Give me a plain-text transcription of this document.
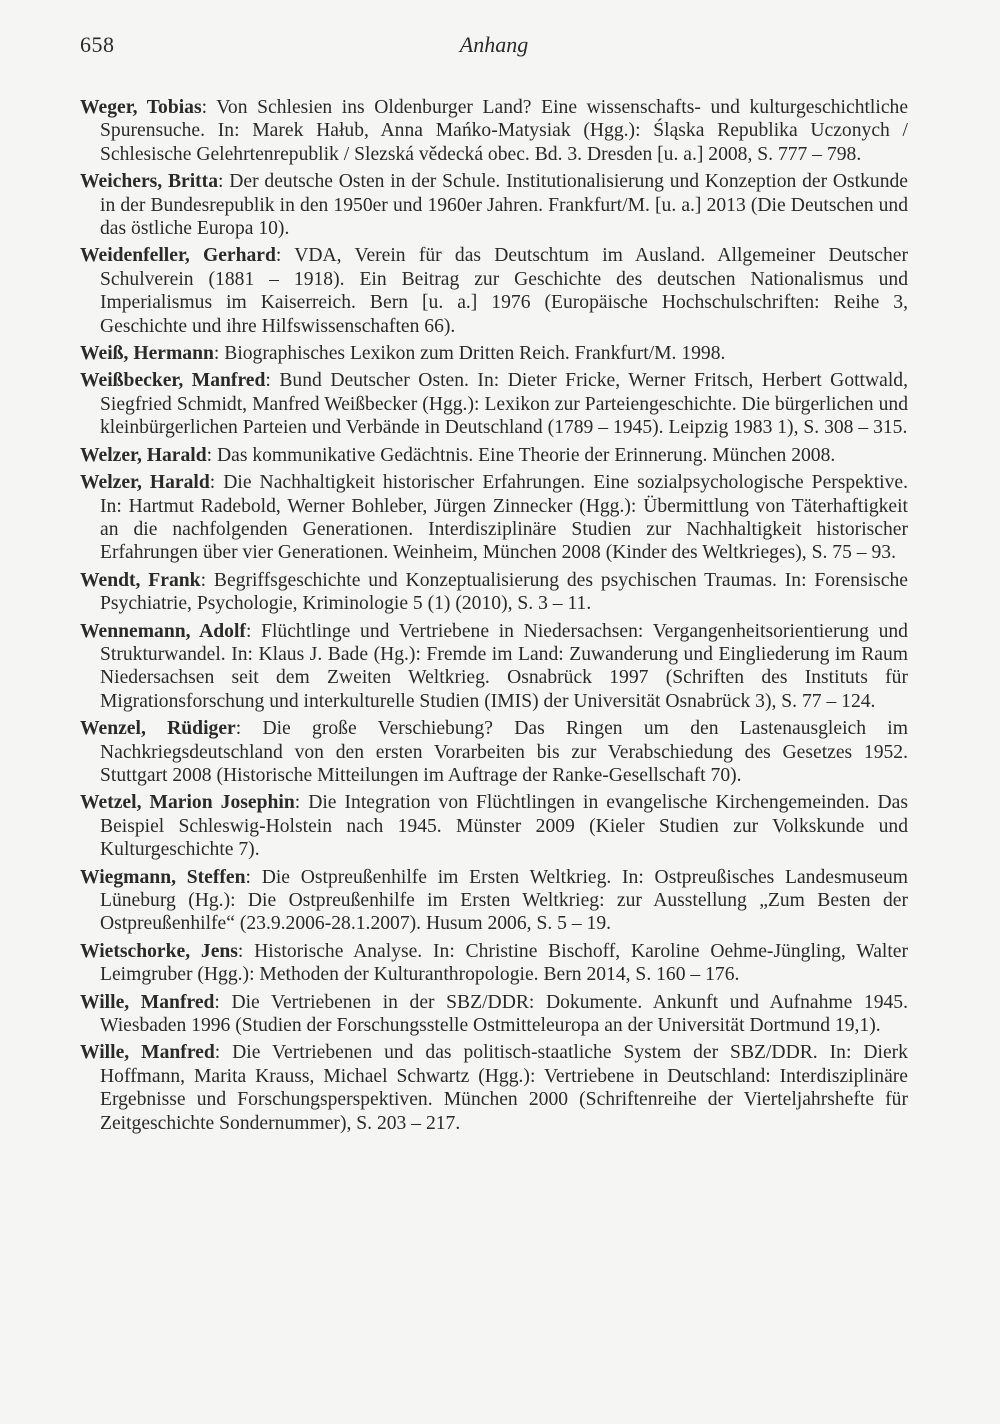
658	Anhang

Weger, Tobias: Von Schlesien ins Oldenburger Land? Eine wissenschafts- und kulturgeschichtliche Spurensuche. In: Marek Hałub, Anna Mańko-Matysiak (Hgg.): Śląska Republika Uczonych / Schlesische Gelehrtenrepublik / Slezská vědecká obec. Bd. 3. Dresden [u. a.] 2008, S. 777 – 798.

Weichers, Britta: Der deutsche Osten in der Schule. Institutionalisierung und Konzeption der Ostkunde in der Bundesrepublik in den 1950er und 1960er Jahren. Frankfurt/M. [u. a.] 2013 (Die Deutschen und das östliche Europa 10).

Weidenfeller, Gerhard: VDA, Verein für das Deutschtum im Ausland. Allgemeiner Deutscher Schulverein (1881 – 1918). Ein Beitrag zur Geschichte des deutschen Nationalismus und Imperialismus im Kaiserreich. Bern [u. a.] 1976 (Europäische Hochschulschriften: Reihe 3, Geschichte und ihre Hilfswissenschaften 66).

Weiß, Hermann: Biographisches Lexikon zum Dritten Reich. Frankfurt/M. 1998.

Weißbecker, Manfred: Bund Deutscher Osten. In: Dieter Fricke, Werner Fritsch, Herbert Gottwald, Siegfried Schmidt, Manfred Weißbecker (Hgg.): Lexikon zur Parteiengeschichte. Die bürgerlichen und kleinbürgerlichen Parteien und Verbände in Deutschland (1789 – 1945). Leipzig 1983 1), S. 308 – 315.

Welzer, Harald: Das kommunikative Gedächtnis. Eine Theorie der Erinnerung. München 2008.

Welzer, Harald: Die Nachhaltigkeit historischer Erfahrungen. Eine sozialpsychologische Perspektive. In: Hartmut Radebold, Werner Bohleber, Jürgen Zinnecker (Hgg.): Übermittlung von Täterhaftigkeit an die nachfolgenden Generationen. Interdisziplinäre Studien zur Nachhaltigkeit historischer Erfahrungen über vier Generationen. Weinheim, München 2008 (Kinder des Weltkrieges), S. 75 – 93.

Wendt, Frank: Begriffsgeschichte und Konzeptualisierung des psychischen Traumas. In: Forensische Psychiatrie, Psychologie, Kriminologie 5 (1) (2010), S. 3 – 11.

Wennemann, Adolf: Flüchtlinge und Vertriebene in Niedersachsen: Vergangenheitsorientierung und Strukturwandel. In: Klaus J. Bade (Hg.): Fremde im Land: Zuwanderung und Eingliederung im Raum Niedersachsen seit dem Zweiten Weltkrieg. Osnabrück 1997 (Schriften des Instituts für Migrationsforschung und interkulturelle Studien (IMIS) der Universität Osnabrück 3), S. 77 – 124.

Wenzel, Rüdiger: Die große Verschiebung? Das Ringen um den Lastenausgleich im Nachkriegsdeutschland von den ersten Vorarbeiten bis zur Verabschiedung des Gesetzes 1952. Stuttgart 2008 (Historische Mitteilungen im Auftrage der Ranke-Gesellschaft 70).

Wetzel, Marion Josephin: Die Integration von Flüchtlingen in evangelische Kirchengemeinden. Das Beispiel Schleswig-Holstein nach 1945. Münster 2009 (Kieler Studien zur Volkskunde und Kulturgeschichte 7).

Wiegmann, Steffen: Die Ostpreußenhilfe im Ersten Weltkrieg. In: Ostpreußisches Landesmuseum Lüneburg (Hg.): Die Ostpreußenhilfe im Ersten Weltkrieg: zur Ausstellung „Zum Besten der Ostpreußenhilfe“ (23.9.2006-28.1.2007). Husum 2006, S. 5 – 19.

Wietschorke, Jens: Historische Analyse. In: Christine Bischoff, Karoline Oehme-Jüngling, Walter Leimgruber (Hgg.): Methoden der Kulturanthropologie. Bern 2014, S. 160 – 176.

Wille, Manfred: Die Vertriebenen in der SBZ/DDR: Dokumente. Ankunft und Aufnahme 1945. Wiesbaden 1996 (Studien der Forschungsstelle Ostmitteleuropa an der Universität Dortmund 19,1).

Wille, Manfred: Die Vertriebenen und das politisch-staatliche System der SBZ/DDR. In: Dierk Hoffmann, Marita Krauss, Michael Schwartz (Hgg.): Vertriebene in Deutschland: Interdisziplinäre Ergebnisse und Forschungsperspektiven. München 2000 (Schriftenreihe der Vierteljahrshefte für Zeitgeschichte Sondernummer), S. 203 – 217.
